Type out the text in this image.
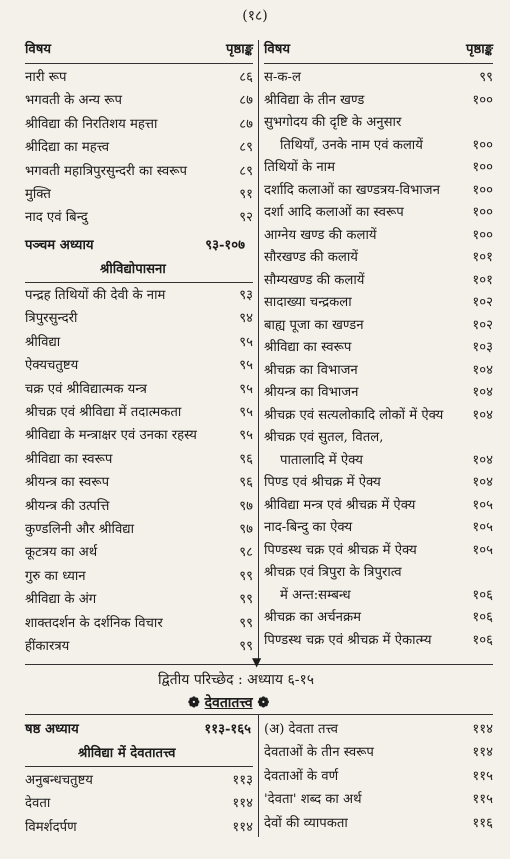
(१८)
विषय	पृष्ठाङ्क विषय	पृष्ठाङ्क
नारी रूप	८६
भगवती के अन्य रूप	८७
श्रीविद्या की निरतिशय महत्ता	८७
श्रीदिद्या का महत्त्व	८९
भगवती महात्रिपुरसुन्दरी का स्वरूप	८९
मुक्ति	९१
नाद एवं बिन्दु	९२
पञ्चम अध्याय	९३-१०७
श्रीविद्योपासना
पन्द्रह तिथियों की देवी के नाम	९३
त्रिपुरसुन्दरी	९४
श्रीविद्या	९५
ऐक्यचतुष्टय	९५
चक्र एवं श्रीविद्यात्मक यन्त्र	९५
श्रीचक्र एवं श्रीविद्या में तदात्मकता	९५
श्रीविद्या के मन्त्राक्षर एवं उनका रहस्य	९५
श्रीविद्या का स्वरूप	९६
श्रीयन्त्र का स्वरूप	९६
श्रीयन्त्र की उत्पत्ति	९७
कुण्डलिनी और श्रीविद्या	९७
कूटत्रय का अर्थ	९८
गुरु का ध्यान	९९
श्रीविद्या के अंग	९९
शाक्तदर्शन के दर्शनिक विचार	९९
हींकारत्रय	९९
स-क-ल	९९
श्रीविद्या के तीन खण्ड	१००
सुभगोदय की दृष्टि के अनुसार
तिथियाँ, उनके नाम एवं कलायें	१००
तिथियों के नाम	१००
दर्शादि कलाओं का खण्डत्रय-विभाजन १००
दर्शा आदि कलाओं का स्वरूप	१००
आग्नेय खण्ड की कलायें	१००
सौरखण्ड की कलायें	१०१
सौम्यखण्ड की कलायें	१०१
सादाख्या चन्द्रकला	१०२
बाह्य पूजा का खण्डन	१०२
श्रीविद्या का स्वरूप	१०३
श्रीचक्र का विभाजन	१०४
श्रीयन्त्र का विभाजन	१०४
श्रीचक्र एवं सत्यलोकादि लोकों में ऐक्य १०४
श्रीचक्र एवं सुतल, वितल,
पातालादि में ऐक्य	१०४
पिण्ड एवं श्रीचक्र में ऐक्य	१०४
श्रीविद्या मन्त्र एवं श्रीचक्र में ऐक्य	१०५
नाद-बिन्दु का ऐक्य	१०५
पिण्डस्थ चक्र एवं श्रीचक्र में ऐक्य	१०५
श्रीचक्र एवं त्रिपुरा के त्रिपुरात्व
में अन्त:सम्बन्ध	१०६
श्रीचक्र का अर्चनक्रम	१०६
पिण्डस्थ चक्र एवं श्रीचक्र में ऐकात्म्य	१०६
▼
द्वितीय परिच्छेद : अध्याय ६-१५
❁ देवतातत्त्व ❁
षष्ठ अध्याय	११३-१६५
श्रीविद्या में देवतातत्त्व
अनुबन्धचतुष्टय	११३
देवता	११४
विमर्शदर्पण	११४
(अ) देवता तत्त्व	११४
देवताओं के तीन स्वरूप	११४
देवताओं के वर्ण	११५
'देवता' शब्द का अर्थ	११५
देवों की व्यापकता	११६
